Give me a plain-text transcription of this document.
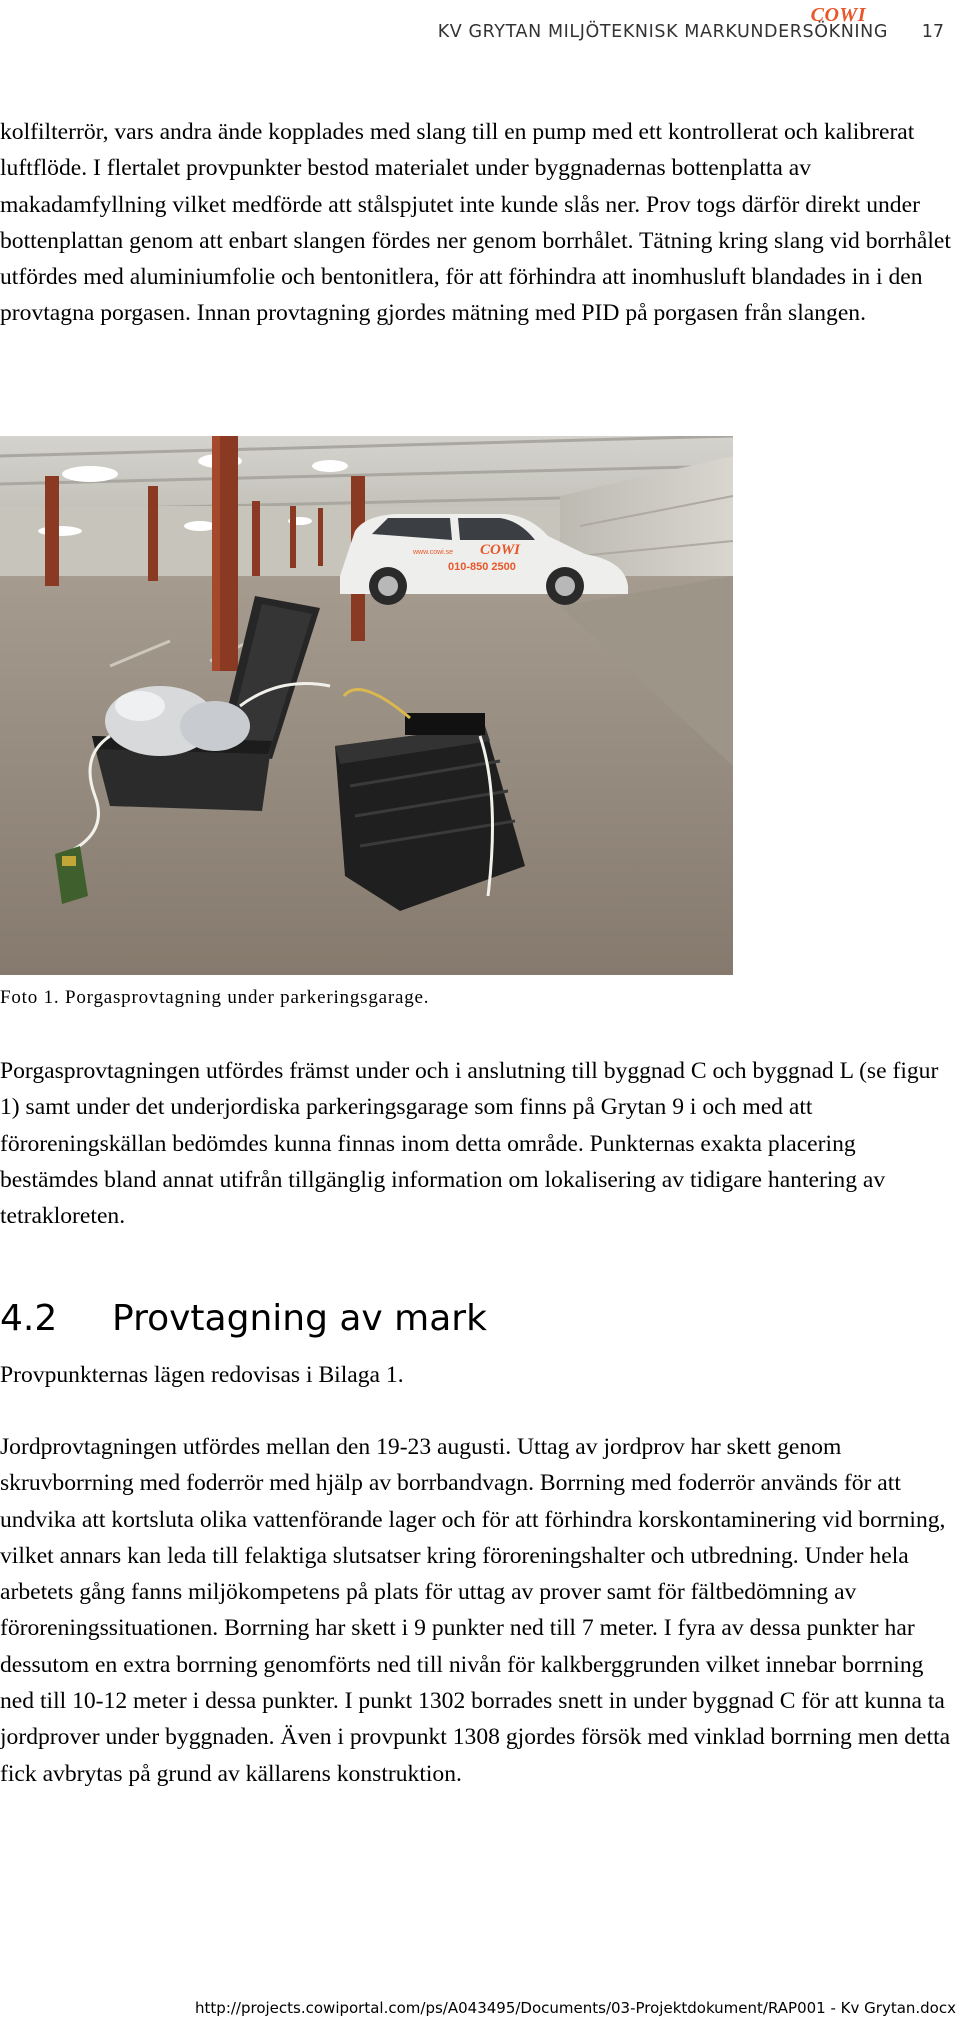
COWI
KV GRYTAN MILJÖTEKNISK MARKUNDERSÖKNING 17

kolfilterrör, vars andra ände kopplades med slang till en pump med ett kontrollerat och kalibrerat luftflöde. I flertalet provpunkter bestod materialet under byggnadernas bottenplatta av makadamfyllning vilket medförde att stålspjutet inte kunde slås ner. Prov togs därför direkt under bottenplattan genom att enbart slangen fördes ner genom borrhålet. Tätning kring slang vid borrhålet utfördes med aluminiumfolie och bentonitlera, för att förhindra att inomhusluft blandades in i den provtagna porgasen. Innan provtagning gjordes mätning med PID på porgasen från slangen.

COWI
www.cowi.se
010-850 2500
Foto 1. Porgasprovtagning under parkeringsgarage.

Porgasprovtagningen utfördes främst under och i anslutning till byggnad C och byggnad L (se figur 1) samt under det underjordiska parkeringsgarage som finns på Grytan 9 i och med att föroreningskällan bedömdes kunna finnas inom detta område. Punkternas exakta placering bestämdes bland annat utifrån tillgänglig information om lokalisering av tidigare hantering av tetrakloreten.

4.2 Provtagning av mark

Provpunkternas lägen redovisas i Bilaga 1.

Jordprovtagningen utfördes mellan den 19-23 augusti. Uttag av jordprov har skett genom skruvborrning med foderrör med hjälp av borrbandvagn. Borrning med foderrör används för att undvika att kortsluta olika vattenförande lager och för att förhindra korskontaminering vid borrning, vilket annars kan leda till felaktiga slutsatser kring föroreningshalter och utbredning. Under hela arbetets gång fanns miljökompetens på plats för uttag av prover samt för fältbedömning av föroreningssituationen. Borrning har skett i 9 punkter ned till 7 meter. I fyra av dessa punkter har dessutom en extra borrning genomförts ned till nivån för kalkberggrunden vilket innebar borrning ned till 10-12 meter i dessa punkter. I punkt 1302 borrades snett in under byggnad C för att kunna ta jordprover under byggnaden. Även i provpunkt 1308 gjordes försök med vinklad borrning men detta fick avbrytas på grund av källarens konstruktion.

http://projects.cowiportal.com/ps/A043495/Documents/03-Projektdokument/RAP001 - Kv Grytan.docx
